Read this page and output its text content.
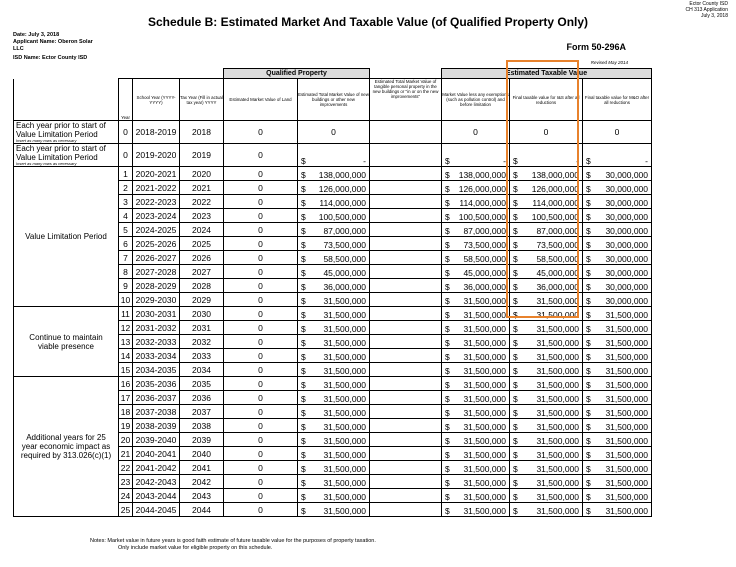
Ector County ISD
CH 313 Application
July 3, 2018
Schedule B: Estimated Market And Taxable Value (of Qualified Property Only)
Date: July 3, 2018
Applicant Name: Oberon Solar
LLC
ISD Name: Ector County ISD
Form 50-296A
Revised May 2014
				Qualified Property			Estimated Taxable Value		
	Year	School Year (YYYY-YYYY)	Tax Year (Fill in actual tax year) YYYY	Estimated Market Value of Land	Estimated Total Market Value of new buildings or other new improvements	Estimated Total Market Value of tangible personal property in the new buildings or "in or on the new improvements"	Market Value less any exemptions (such as pollution control) and before limitation	Final taxable value for I&S after all reductions	Final taxable value for M&O after all reductions
Each year prior to start of Value Limitation Period
Insert as many rows as necessary	0	2018-2019	2018	0	0		0	0	0
Each year prior to start of Value Limitation Period
Insert as many rows as necessary	0	2019-2020	2019	0	$ -		$ -	$ -	$ -

Value Limitation Period	1	2020-2021	2020	0	$ 138,000,000		$ 138,000,000	$ 138,000,000	$ 30,000,000

	2	2021-2022	2021	0	$ 126,000,000		$ 126,000,000	$ 126,000,000	$ 30,000,000

	3	2022-2023	2022	0	$ 114,000,000		$ 114,000,000	$ 114,000,000	$ 30,000,000

	4	2023-2024	2023	0	$ 100,500,000		$ 100,500,000	$ 100,500,000	$ 30,000,000

	5	2024-2025	2024	0	$ 87,000,000		$ 87,000,000	$ 87,000,000	$ 30,000,000

	6	2025-2026	2025	0	$ 73,500,000		$ 73,500,000	$ 73,500,000	$ 30,000,000

	7	2026-2027	2026	0	$ 58,500,000		$ 58,500,000	$ 58,500,000	$ 30,000,000

	8	2027-2028	2027	0	$ 45,000,000		$ 45,000,000	$ 45,000,000	$ 30,000,000

	9	2028-2029	2028	0	$ 36,000,000		$ 36,000,000	$ 36,000,000	$ 30,000,000

	10	2029-2030	2029	0	$ 31,500,000		$ 31,500,000	$ 31,500,000	$ 30,000,000

Continue to maintain viable presence	11	2030-2031	2030	0	$ 31,500,000		$ 31,500,000	$ 31,500,000	$ 31,500,000

	12	2031-2032	2031	0	$ 31,500,000		$ 31,500,000	$ 31,500,000	$ 31,500,000

	13	2032-2033	2032	0	$ 31,500,000		$ 31,500,000	$ 31,500,000	$ 31,500,000

	14	2033-2034	2033	0	$ 31,500,000		$ 31,500,000	$ 31,500,000	$ 31,500,000

	15	2034-2035	2034	0	$ 31,500,000		$ 31,500,000	$ 31,500,000	$ 31,500,000

Additional years for 25 year economic impact as required by 313.026(c)(1)	16	2035-2036	2035	0	$ 31,500,000		$ 31,500,000	$ 31,500,000	$ 31,500,000

	17	2036-2037	2036	0	$ 31,500,000		$ 31,500,000	$ 31,500,000	$ 31,500,000

	18	2037-2038	2037	0	$ 31,500,000		$ 31,500,000	$ 31,500,000	$ 31,500,000

	19	2038-2039	2038	0	$ 31,500,000		$ 31,500,000	$ 31,500,000	$ 31,500,000

	20	2039-2040	2039	0	$ 31,500,000		$ 31,500,000	$ 31,500,000	$ 31,500,000

	21	2040-2041	2040	0	$ 31,500,000		$ 31,500,000	$ 31,500,000	$ 31,500,000

	22	2041-2042	2041	0	$ 31,500,000		$ 31,500,000	$ 31,500,000	$ 31,500,000

	23	2042-2043	2042	0	$ 31,500,000		$ 31,500,000	$ 31,500,000	$ 31,500,000

	24	2043-2044	2043	0	$ 31,500,000		$ 31,500,000	$ 31,500,000	$ 31,500,000

	25	2044-2045	2044	0	$ 31,500,000		$ 31,500,000	$ 31,500,000	$ 31,500,000
Notes: Market value in future years is good faith estimate of future taxable value for the purposes of property taxation.
Only include market value for eligible property on this schedule.
